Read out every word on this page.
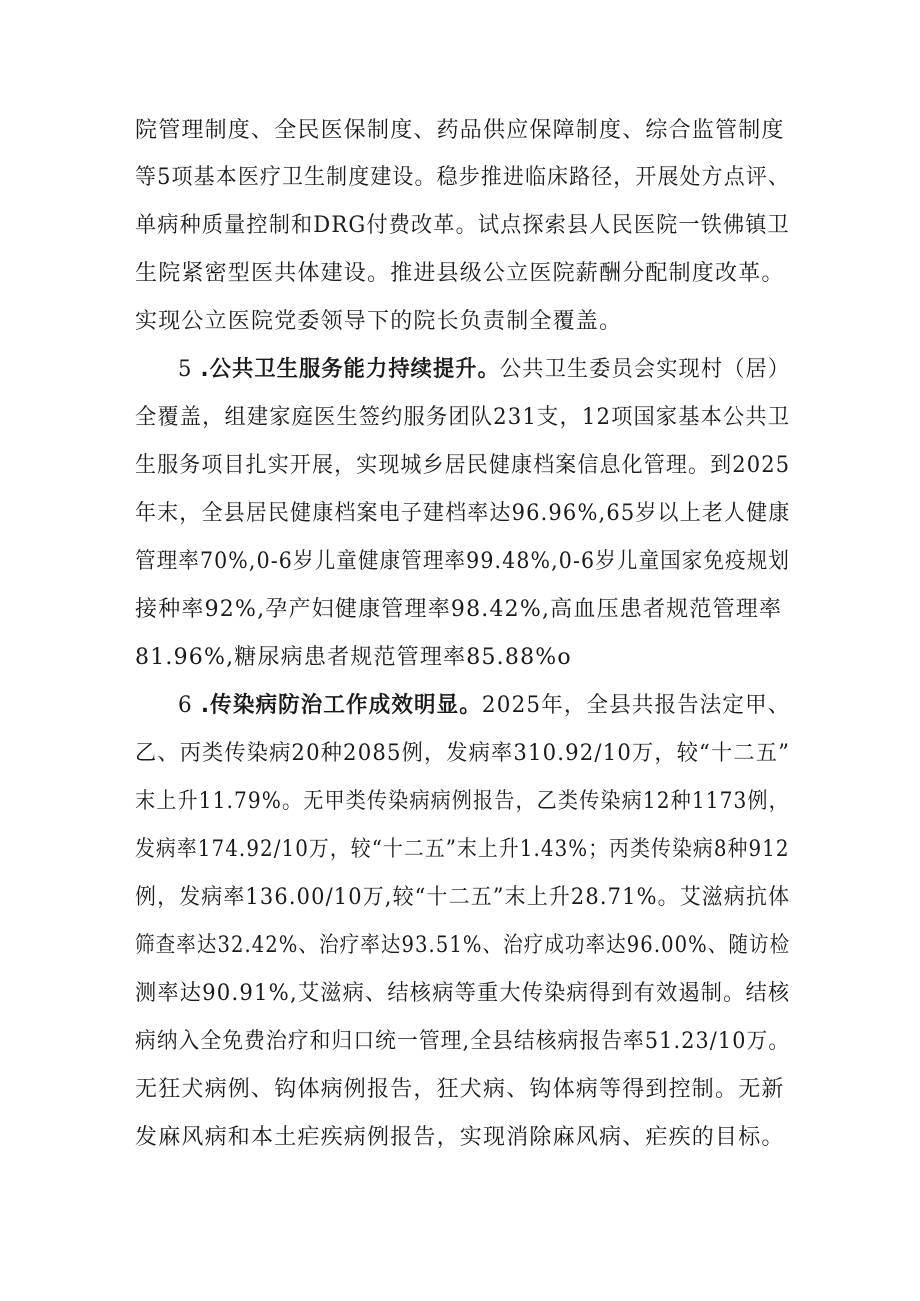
院管理制度、全民医保制度、药品供应保障制度、综合监管制度
等5项基本医疗卫生制度建设。稳步推进临床路径，开展处方点评、
单病种质量控制和DRG付费改革。试点探索县人民医院一铁佛镇卫
生院紧密型医共体建设。推进县级公立医院薪酬分配制度改革。
实现公立医院党委领导下的院长负责制全覆盖。
5 .公共卫生服务能力持续提升。公共卫生委员会实现村（居）
全覆盖，组建家庭医生签约服务团队231支，12项国家基本公共卫
生服务项目扎实开展，实现城乡居民健康档案信息化管理。到2025
年末，全县居民健康档案电子建档率达96.96%,65岁以上老人健康
管理率70%,0-6岁儿童健康管理率99.48%,0-6岁儿童国家免疫规划
接种率92%,孕产妇健康管理率98.42%,高血压患者规范管理率
81.96%,糖尿病患者规范管理率85.88%o
6 .传染病防治工作成效明显。2025年，全县共报告法定甲、
乙、丙类传染病20种2085例，发病率310.92/10万，较“十二五”
末上升11.79%。无甲类传染病病例报告，乙类传染病12种1173例，
发病率174.92/10万，较“十二五”末上升1.43%；丙类传染病8种912
例，发病率136.00/10万,较“十二五”末上升28.71%。艾滋病抗体
筛查率达32.42%、治疗率达93.51%、治疗成功率达96.00%、随访检
测率达90.91%,艾滋病、结核病等重大传染病得到有效遏制。结核
病纳入全免费治疗和归口统一管理,全县结核病报告率51.23/10万。
无狂犬病例、钩体病例报告，狂犬病、钩体病等得到控制。无新
发麻风病和本土疟疾病例报告，实现消除麻风病、疟疾的目标。
